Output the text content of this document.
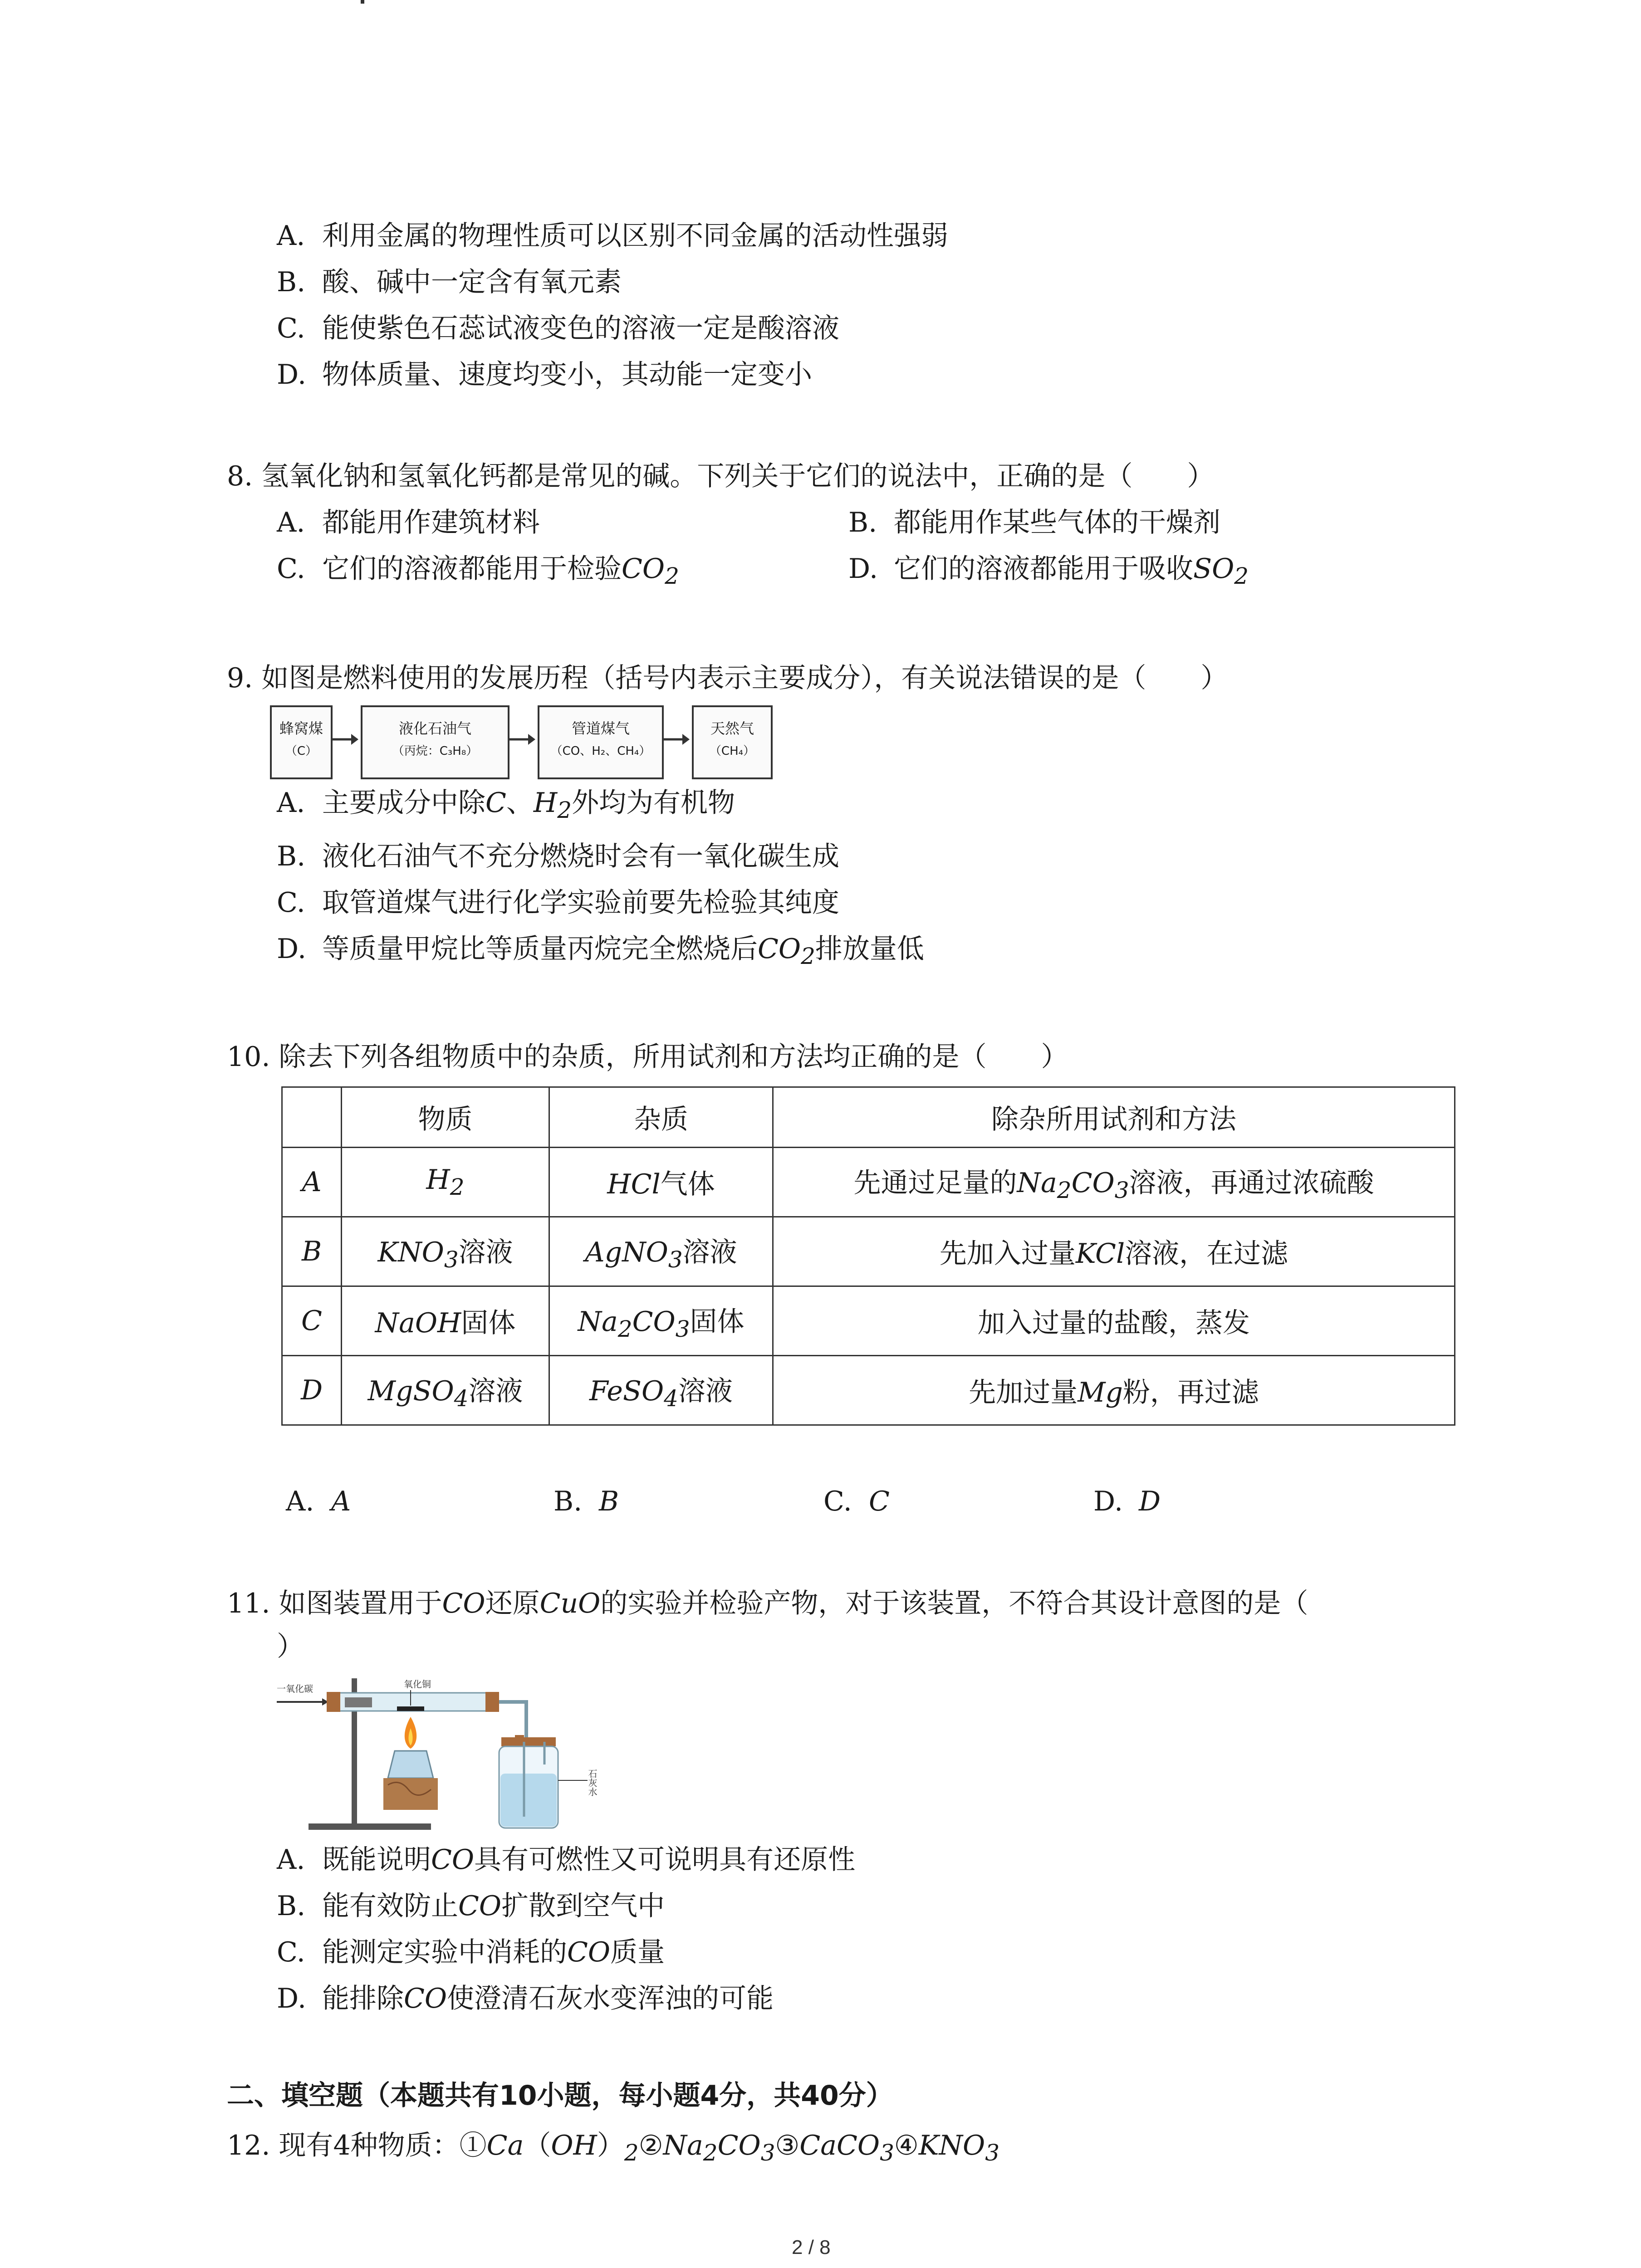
A. 利用金属的物理性质可以区别不同金属的活动性强弱
B. 酸、碱中一定含有氧元素
C. 能使紫色石蕊试液变色的溶液一定是酸溶液
D. 物体质量、速度均变小，其动能一定变小
8. 氢氧化钠和氢氧化钙都是常见的碱。下列关于它们的说法中，正确的是（　　）
A. 都能用作建筑材料	B. 都能用作某些气体的干燥剂
C. 它们的溶液都能用于检验$CO_2$	D. 它们的溶液都能用于吸收$SO_2$
9. 如图是燃料使用的发展历程（括号内表示主要成分），有关说法错误的是（　　）
蜂窝煤
（C）
液化石油气
（丙烷：C₃H₈）
管道煤气
（CO、H₂、CH₄）
天然气
（CH₄）
A. 主要成分中除C、$H_2$外均为有机物
B. 液化石油气不充分燃烧时会有一氧化碳生成
C. 取管道煤气进行化学实验前要先检验其纯度
D. 等质量甲烷比等质量丙烷完全燃烧后$CO_2$排放量低
10. 除去下列各组物质中的杂质，所用试剂和方法均正确的是（　　）
	物质	杂质	除杂所用试剂和方法
A	$H_2$	HCl气体	先通过足量的$Na_2CO_3$溶液，再通过浓硫酸
B	$KNO_3$溶液	AgNO$_3$溶液	先加入过量KCl溶液，在过滤
C	NaOH固体	$Na_2CO_3$固体	加入过量的盐酸，蒸发
D	MgSO$_4$溶液	FeSO$_4$溶液	先加过量Mg粉，再过滤
A. A	B. B	C. C	D. D
11. 如图装置用于CO还原CuO的实验并检验产物，对于该装置，不符合其设计意图的是（
）
一氧化碳	氧化铜
石灰水
A. 既能说明CO具有可燃性又可说明具有还原性
B. 能有效防止CO扩散到空气中
C. 能测定实验中消耗的CO质量
D. 能排除CO使澄清石灰水变浑浊的可能
二、填空题（本题共有10小题，每小题4分，共40分）
12. 现有4种物质：$①Ca(OH)_2②Na_2CO_3③CaCO_3④KNO_3$
2 / 8
